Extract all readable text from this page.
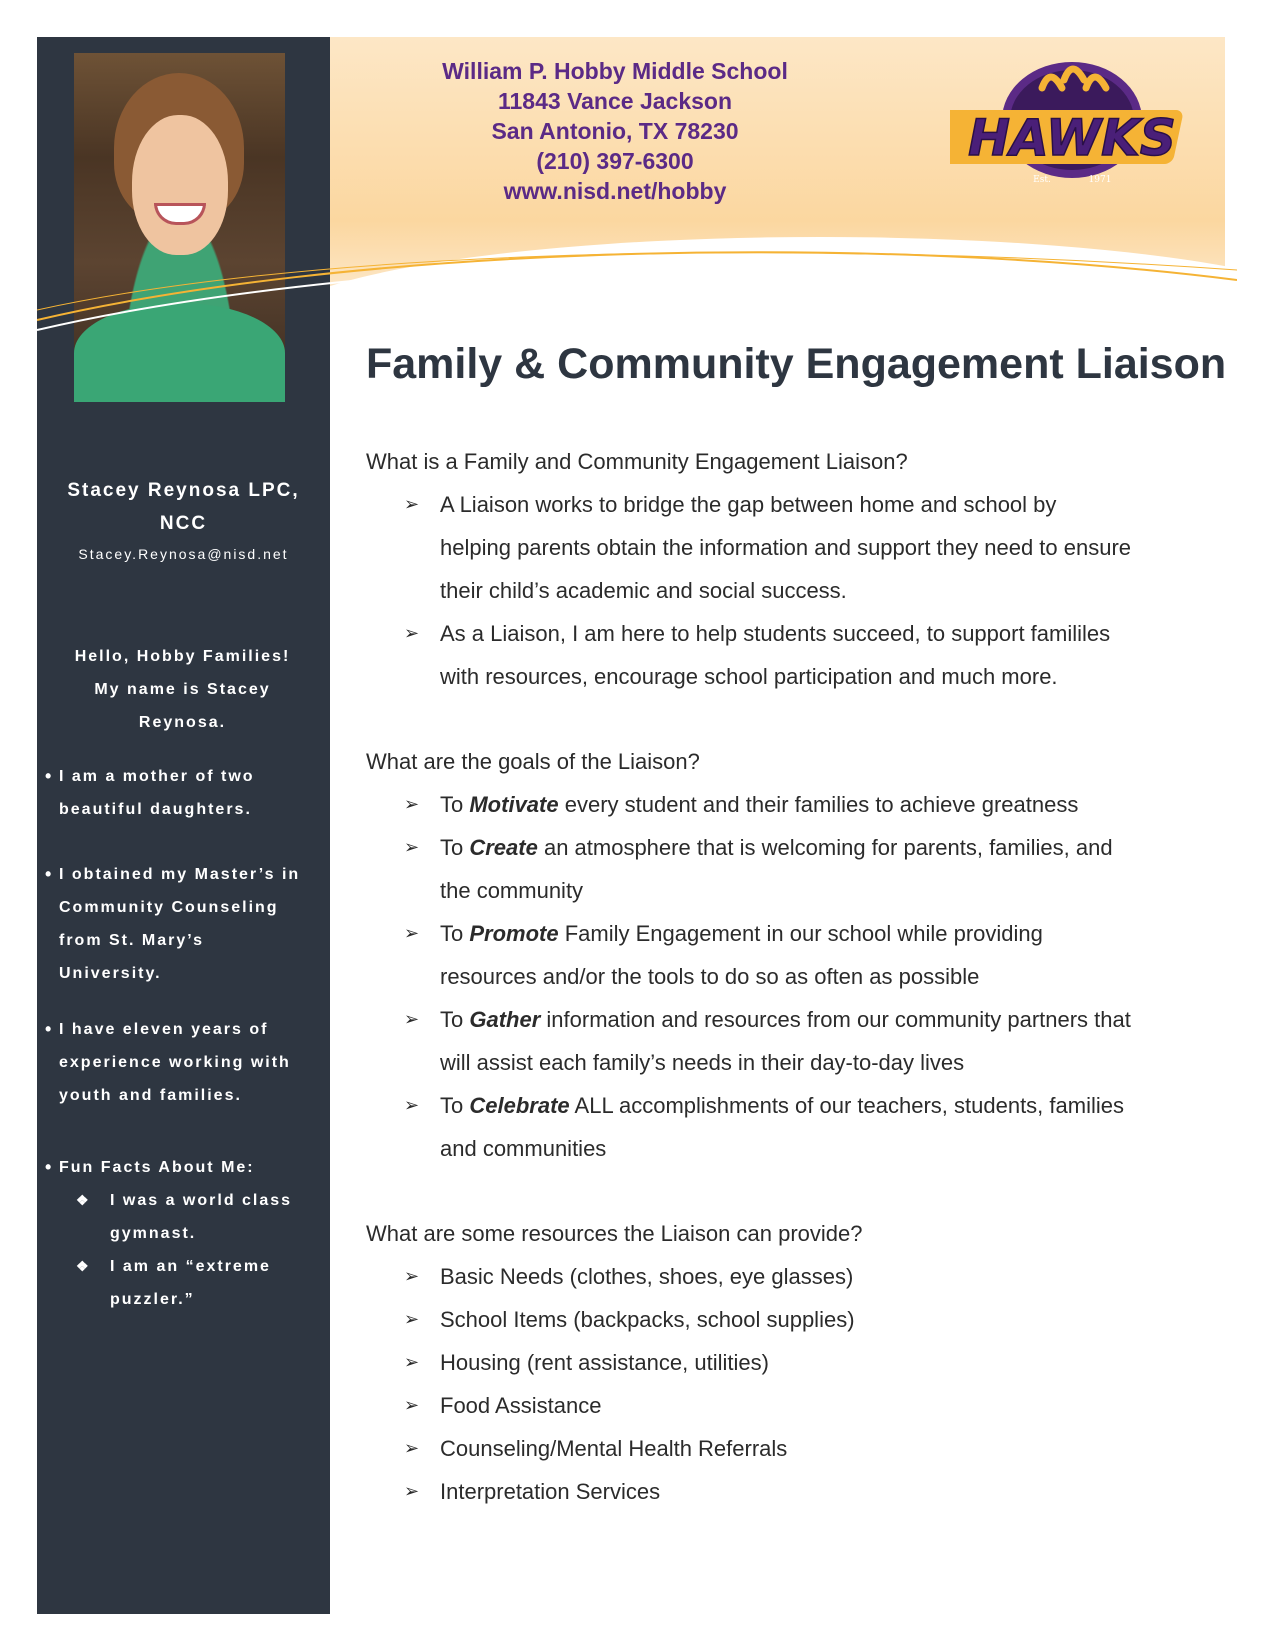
Stacey Reynosa LPC,
NCC
Stacey.Reynosa@nisd.net
Hello, Hobby Families!
My name is Stacey
Reynosa.
• I am a mother of two
beautiful daughters.
• I obtained my Master’s in
Community Counseling
from St. Mary’s
University.
• I have eleven years of
experience working with
youth and families.
• Fun Facts About Me:
❖ I was a world class
gymnast.
❖ I am an “extreme
puzzler.”
William P. Hobby Middle School
11843 Vance Jackson
San Antonio, TX 78230
(210) 397-6300
www.nisd.net/hobby
HAWKS
Est.	1971
Family & Community Engagement Liaison

What is a Family and Community Engagement Liaison?

➢ A Liaison works to bridge the gap between home and school by
helping parents obtain the information and support they need to ensure
their child’s academic and social success.
➢ As a Liaison, I am here to help students succeed, to support famililes
with resources, encourage school participation and much more.

What are the goals of the Liaison?

➢ To Motivate every student and their families to achieve greatness
➢ To Create an atmosphere that is welcoming for parents, families, and
the community
➢ To Promote Family Engagement in our school while providing
resources and/or the tools to do so as often as possible
➢ To Gather information and resources from our community partners that
will assist each family’s needs in their day-to-day lives
➢ To Celebrate ALL accomplishments of our teachers, students, families
and communities

What are some resources the Liaison can provide?

➢ Basic Needs (clothes, shoes, eye glasses)
➢ School Items (backpacks, school supplies)
➢ Housing (rent assistance, utilities)
➢ Food Assistance
➢ Counseling/Mental Health Referrals
➢ Interpretation Services
